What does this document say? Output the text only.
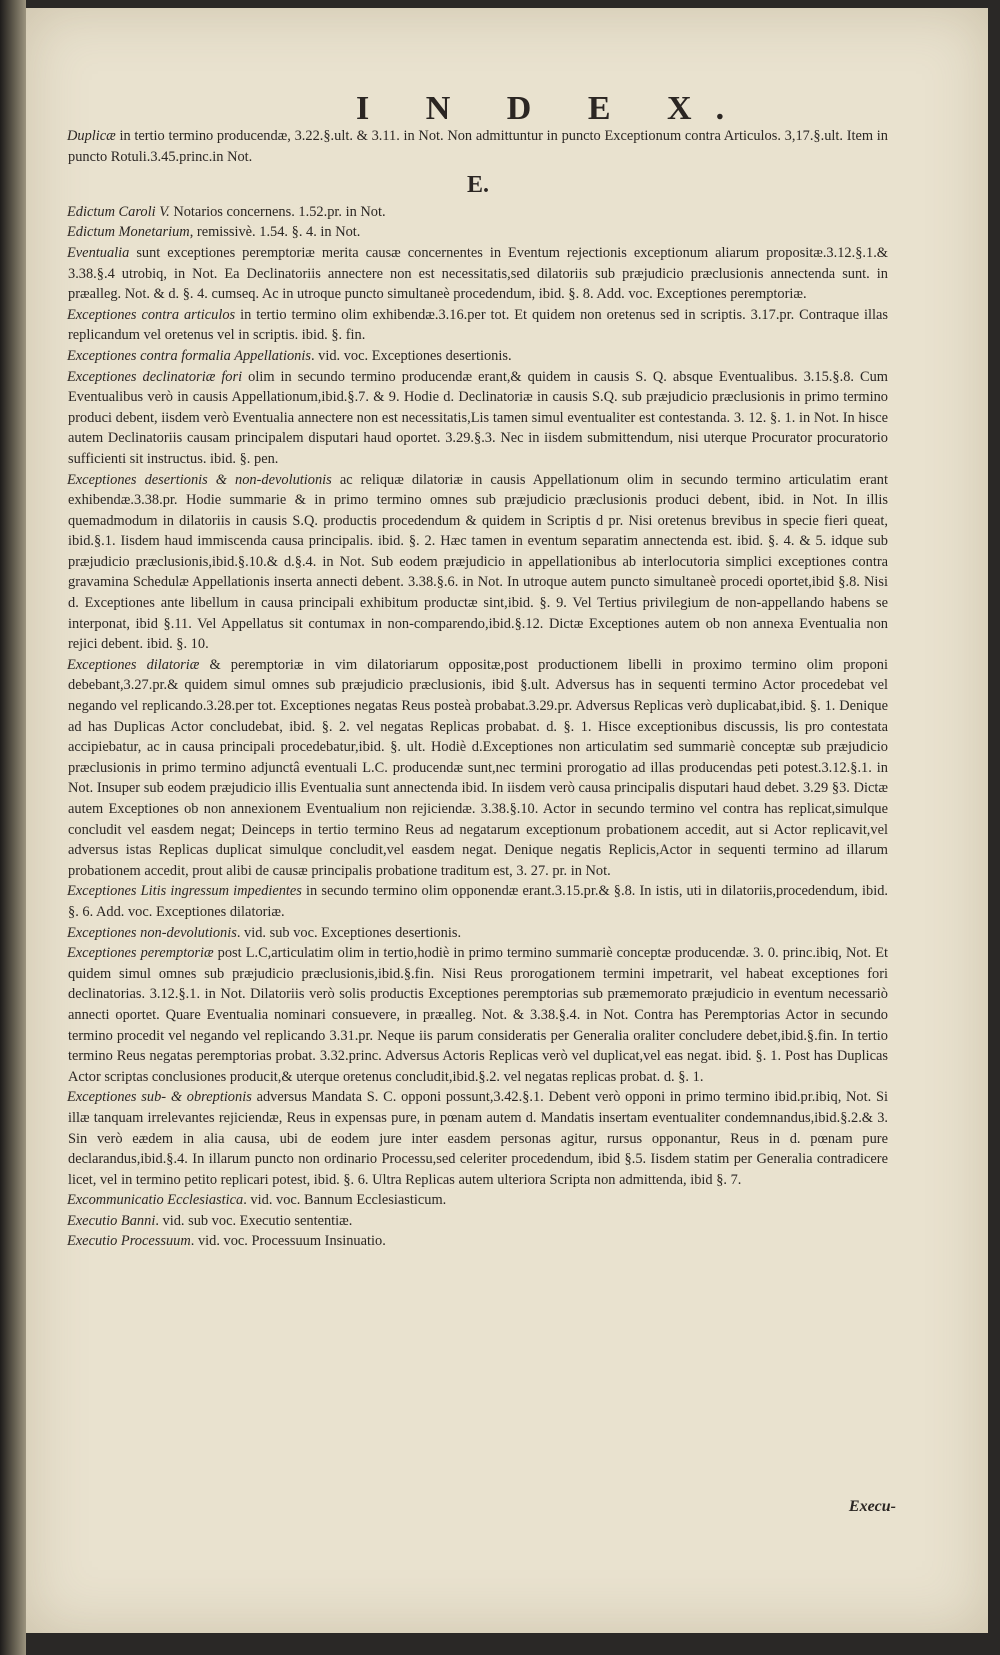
I N D E X.

Duplicæ in tertio termino producendæ, 3.22.§.ult. & 3.11. in Not. Non admittuntur in puncto Exceptionum contra Articulos. 3,17.§.ult. Item in puncto Rotuli.3.45.princ.in Not.

E.

Edictum Caroli V. Notarios concernens. 1.52.pr. in Not.

Edictum Monetarium, remissivè. 1.54. §. 4. in Not.

Eventualia sunt exceptiones peremptoriæ merita causæ concernentes in Eventum rejectionis exceptionum aliarum propositæ.3.12.§.1.& 3.38.§.4 utrobiq, in Not. Ea Declinatoriis annectere non est necessitatis,sed dilatoriis sub præjudicio præclusionis annectenda sunt. in præalleg. Not. & d. §. 4. cumseq. Ac in utroque puncto simultaneè procedendum, ibid. §. 8. Add. voc. Exceptiones peremptoriæ.

Exceptiones contra articulos in tertio termino olim exhibendæ.3.16.per tot. Et quidem non oretenus sed in scriptis. 3.17.pr. Contraque illas replicandum vel oretenus vel in scriptis. ibid. §. fin.

Exceptiones contra formalia Appellationis. vid. voc. Exceptiones desertionis.

Exceptiones declinatoriæ fori olim in secundo termino producendæ erant,& quidem in causis S. Q. absque Eventualibus. 3.15.§.8. Cum Eventualibus verò in causis Appellationum,ibid.§.7. & 9. Hodie d. Declinatoriæ in causis S.Q. sub præjudicio præclusionis in primo termino produci debent, iisdem verò Eventualia annectere non est necessitatis,Lis tamen simul eventualiter est contestanda. 3. 12. §. 1. in Not. In hisce autem Declinatoriis causam principalem disputari haud oportet. 3.29.§.3. Nec in iisdem submittendum, nisi uterque Procurator procuratorio sufficienti sit instructus. ibid. §. pen.

Exceptiones desertionis & non-devolutionis ac reliquæ dilatoriæ in causis Appellationum olim in secundo termino articulatim erant exhibendæ.3.38.pr. Hodie summarie & in primo termino omnes sub præjudicio præclusionis produci debent, ibid. in Not. In illis quemadmodum in dilatoriis in causis S.Q. productis procedendum & quidem in Scriptis d pr. Nisi oretenus brevibus in specie fieri queat, ibid.§.1. Iisdem haud immiscenda causa principalis. ibid. §. 2. Hæc tamen in eventum separatim annectenda est. ibid. §. 4. & 5. idque sub præjudicio præclusionis,ibid.§.10.& d.§.4. in Not. Sub eodem præjudicio in appellationibus ab interlocutoria simplici exceptiones contra gravamina Schedulæ Appellationis inserta annecti debent. 3.38.§.6. in Not. In utroque autem puncto simultaneè procedi oportet,ibid §.8. Nisi d. Exceptiones ante libellum in causa principali exhibitum productæ sint,ibid. §. 9. Vel Tertius privilegium de non-appellando habens se interponat, ibid §.11. Vel Appellatus sit contumax in non-comparendo,ibid.§.12. Dictæ Exceptiones autem ob non annexa Eventualia non rejici debent. ibid. §. 10.

Exceptiones dilatoriæ & peremptoriæ in vim dilatoriarum oppositæ,post productionem libelli in proximo termino olim proponi debebant,3.27.pr.& quidem simul omnes sub præjudicio præclusionis, ibid §.ult. Adversus has in sequenti termino Actor procedebat vel negando vel replicando.3.28.per tot. Exceptiones negatas Reus posteà probabat.3.29.pr. Adversus Replicas verò duplicabat,ibid. §. 1. Denique ad has Duplicas Actor concludebat, ibid. §. 2. vel negatas Replicas probabat. d. §. 1. Hisce exceptionibus discussis, lis pro contestata accipiebatur, ac in causa principali procedebatur,ibid. §. ult. Hodiè d.Exceptiones non articulatim sed summariè conceptæ sub præjudicio præclusionis in primo termino adjunctâ eventuali L.C. producendæ sunt,nec termini prorogatio ad illas producendas peti potest.3.12.§.1. in Not. Insuper sub eodem præjudicio illis Eventualia sunt annectenda ibid. In iisdem verò causa principalis disputari haud debet. 3.29 §3. Dictæ autem Exceptiones ob non annexionem Eventualium non rejiciendæ. 3.38.§.10. Actor in secundo termino vel contra has replicat,simulque concludit vel easdem negat; Deinceps in tertio termino Reus ad negatarum exceptionum probationem accedit, aut si Actor replicavit,vel adversus istas Replicas duplicat simulque concludit,vel easdem negat. Denique negatis Replicis,Actor in sequenti termino ad illarum probationem accedit, prout alibi de causæ principalis probatione traditum est, 3. 27. pr. in Not.

Exceptiones Litis ingressum impedientes in secundo termino olim opponendæ erant.3.15.pr.& §.8. In istis, uti in dilatoriis,procedendum, ibid. §. 6. Add. voc. Exceptiones dilatoriæ.

Exceptiones non-devolutionis. vid. sub voc. Exceptiones desertionis.

Exceptiones peremptoriæ post L.C,articulatim olim in tertio,hodiè in primo termino summariè conceptæ producendæ. 3. 0. princ.ibiq, Not. Et quidem simul omnes sub præjudicio præclusionis,ibid.§.fin. Nisi Reus prorogationem termini impetrarit, vel habeat exceptiones fori declinatorias. 3.12.§.1. in Not. Dilatoriis verò solis productis Exceptiones peremptorias sub præmemorato præjudicio in eventum necessariò annecti oportet. Quare Eventualia nominari consuevere, in præalleg. Not. & 3.38.§.4. in Not. Contra has Peremptorias Actor in secundo termino procedit vel negando vel replicando 3.31.pr. Neque iis parum consideratis per Generalia oraliter concludere debet,ibid.§.fin. In tertio termino Reus negatas peremptorias probat. 3.32.princ. Adversus Actoris Replicas verò vel duplicat,vel eas negat. ibid. §. 1. Post has Duplicas Actor scriptas conclusiones producit,& uterque oretenus concludit,ibid.§.2. vel negatas replicas probat. d. §. 1.

Exceptiones sub- & obreptionis adversus Mandata S. C. opponi possunt,3.42.§.1. Debent verò opponi in primo termino ibid.pr.ibiq, Not. Si illæ tanquam irrelevantes rejiciendæ, Reus in expensas pure, in pœnam autem d. Mandatis insertam eventualiter condemnandus,ibid.§.2.& 3. Sin verò eædem in alia causa, ubi de eodem jure inter easdem personas agitur, rursus opponantur, Reus in d. pœnam pure declarandus,ibid.§.4. In illarum puncto non ordinario Processu,sed celeriter procedendum, ibid §.5. Iisdem statim per Generalia contradicere licet, vel in termino petito replicari potest, ibid. §. 6. Ultra Replicas autem ulteriora Scripta non admittenda, ibid §. 7.

Excommunicatio Ecclesiastica. vid. voc. Bannum Ecclesiasticum.

Executio Banni. vid. sub voc. Executio sententiæ.

Executio Processuum. vid. voc. Processuum Insinuatio.

Execu-
